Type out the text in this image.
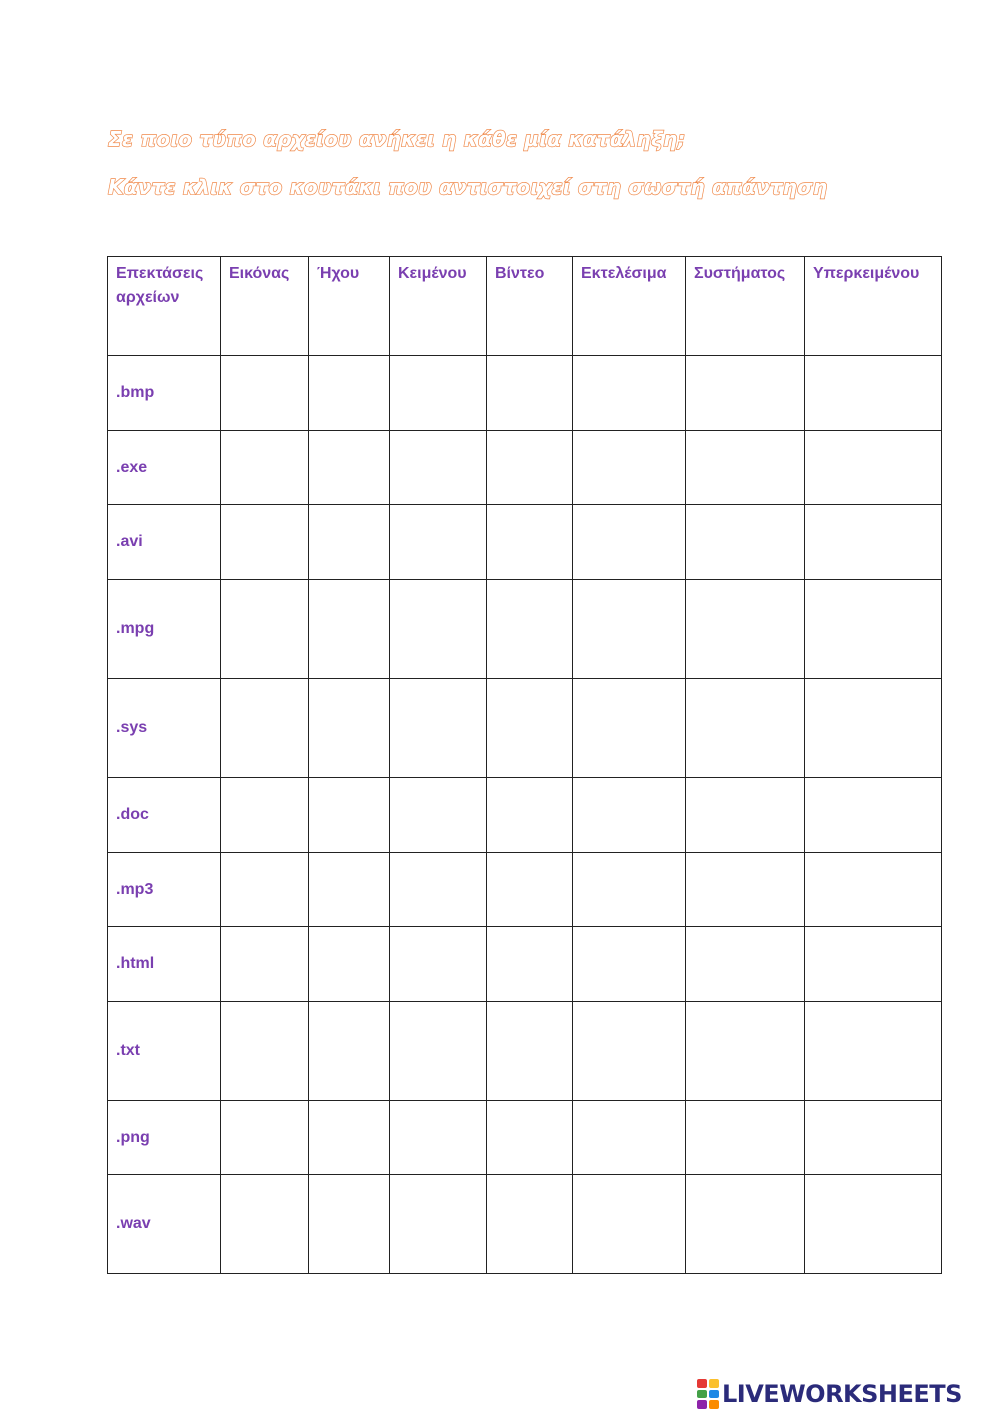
Σε ποιο τύπο αρχείου ανήκει η κάθε μία κατάληξη;
Κάντε κλικ στο κουτάκι που αντιστοιχεί στη σωστή απάντηση
Επεκτάσεις
αρχείων	Εικόνας	Ήχου	Κειμένου	Βίντεο	Εκτελέσιμα	Συστήματος	Υπερκειμένου

.bmp							
.exe							
.avi							
.mpg							
.sys							
.doc							
.mp3							
.html							
.txt							
.png							
.wav							
LIVEWORKSHEETS
